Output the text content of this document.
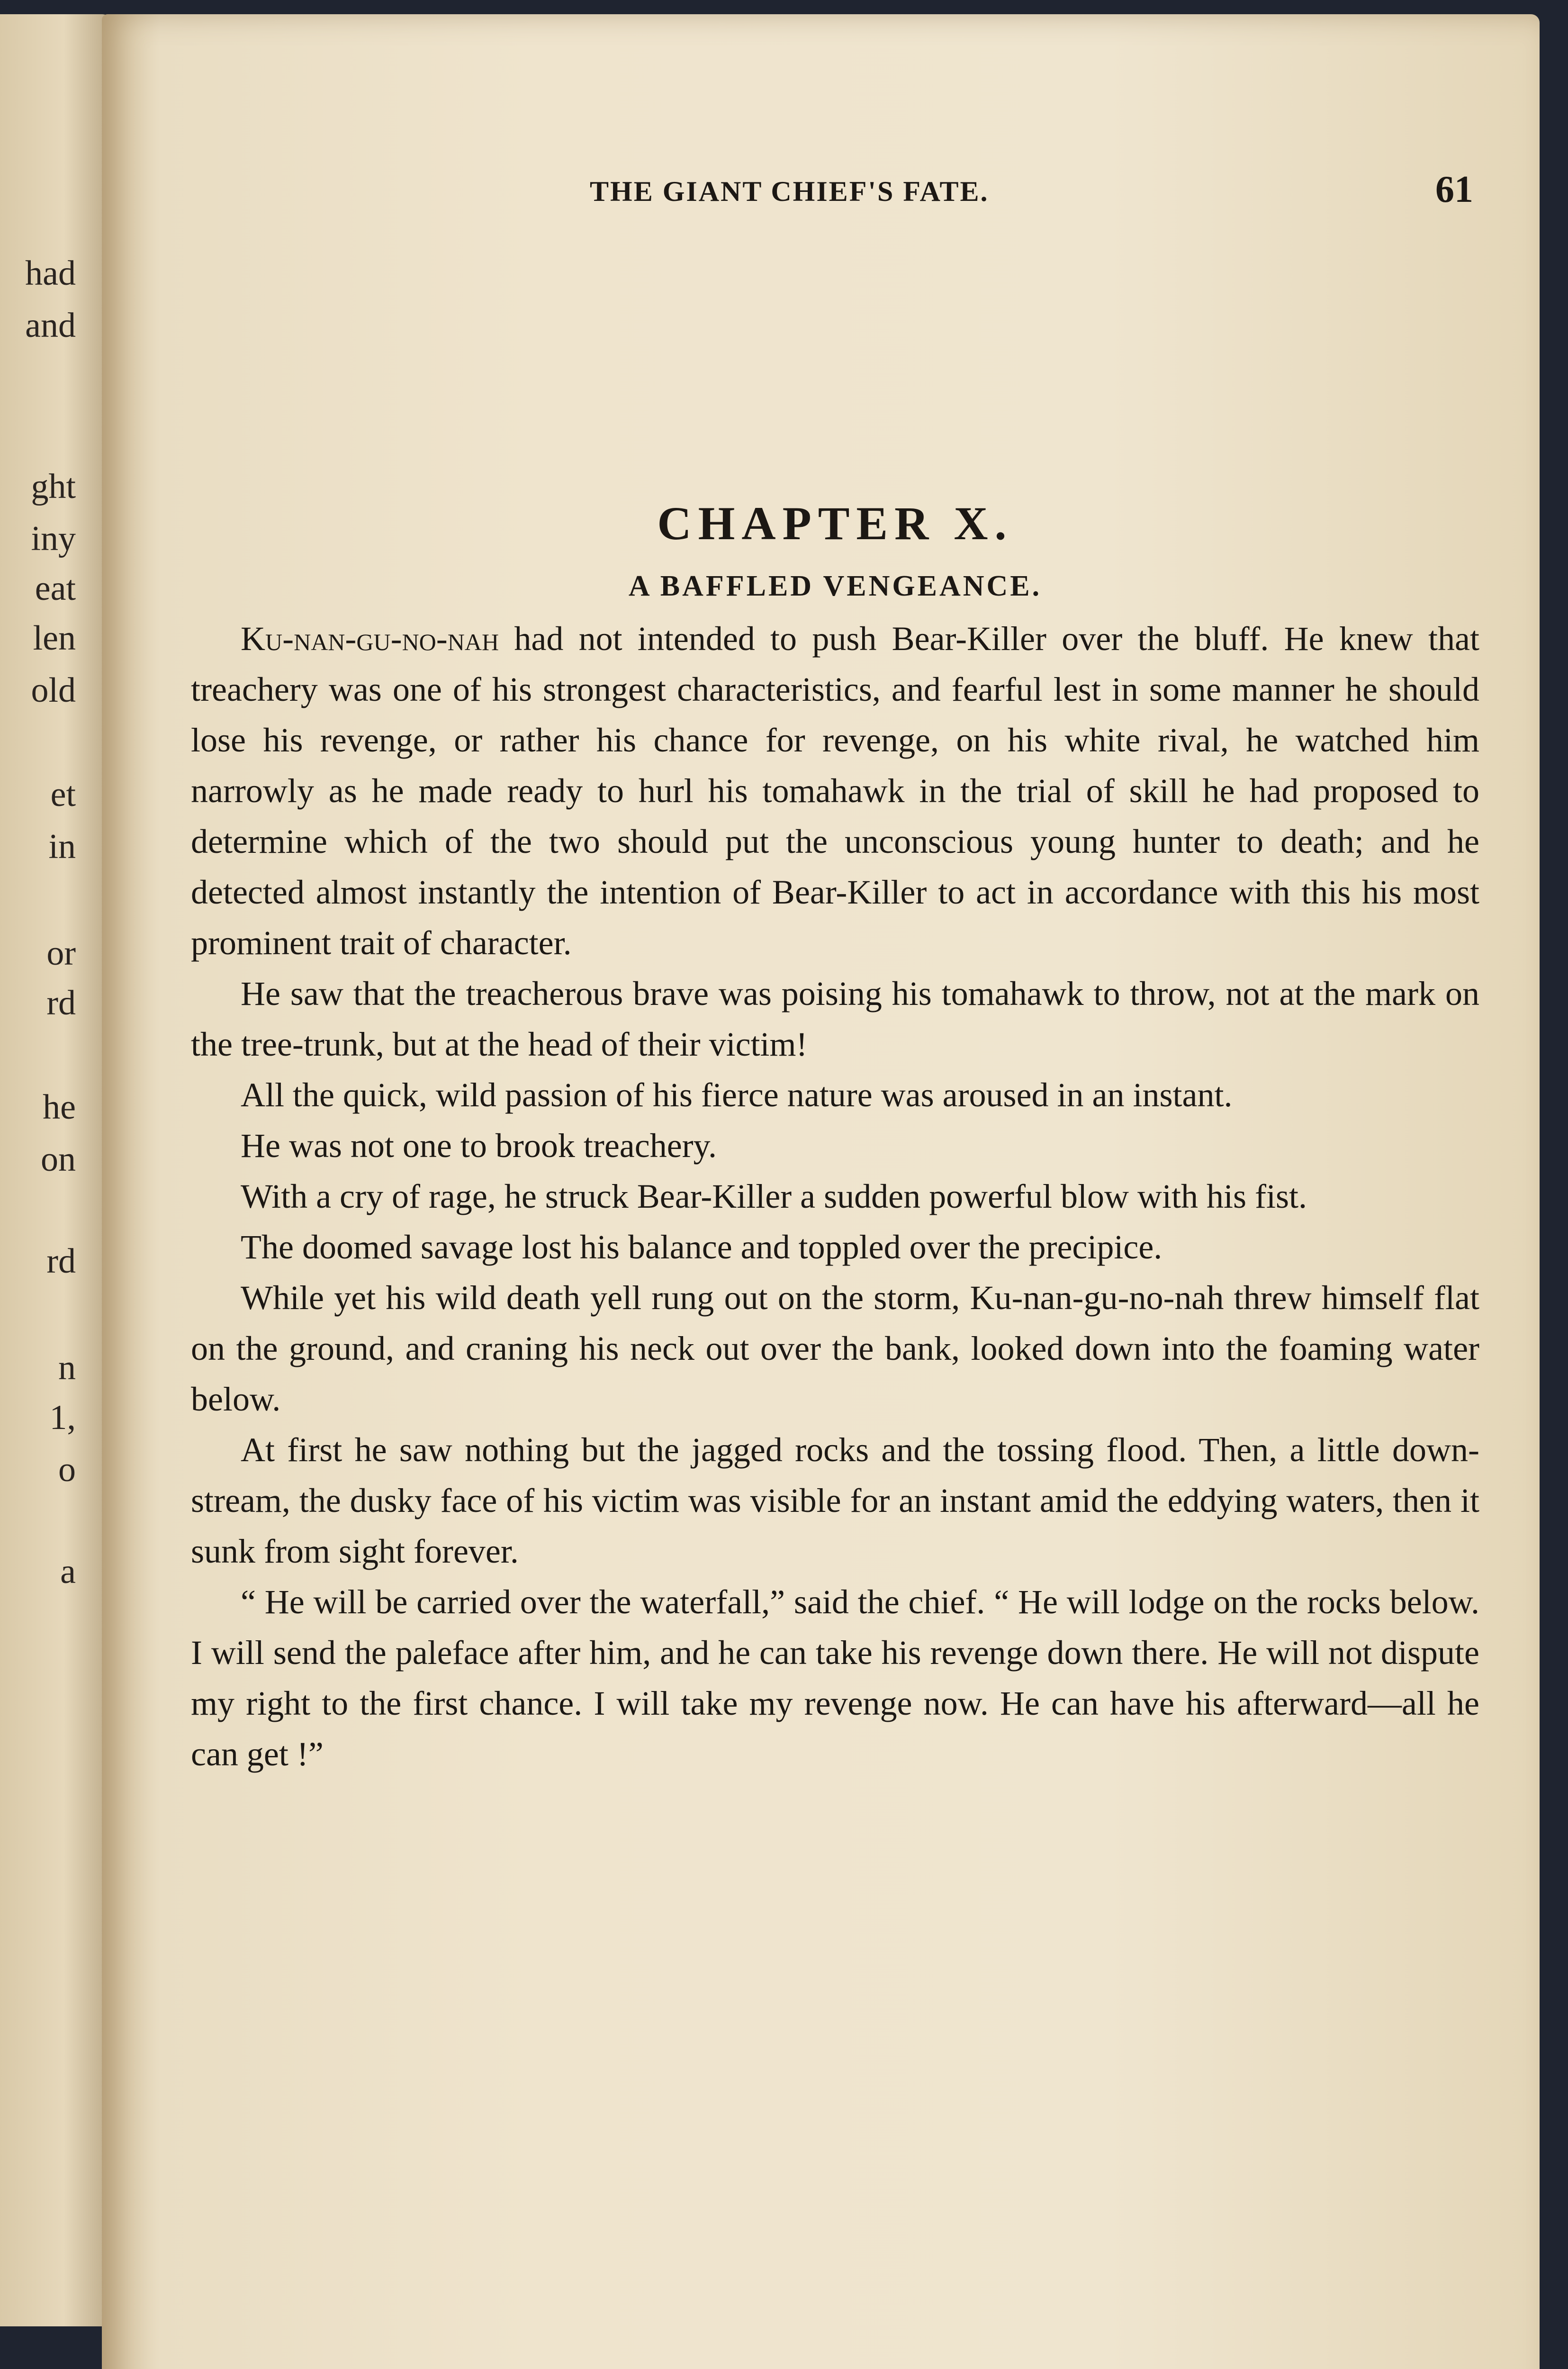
had
and
ght
iny
eat
len
old
et
in
or
rd
he
on
rd
n
1,
o
a
THE GIANT CHIEF'S FATE.	61
CHAPTER X.
A BAFFLED VENGEANCE.

Ku-nan-gu-no-nah had not intended to push Bear-Killer over the bluff. He knew that treachery was one of his strongest characteristics, and fearful lest in some manner he should lose his revenge, or rather his chance for revenge, on his white rival, he watched him narrowly as he made ready to hurl his tomahawk in the trial of skill he had proposed to determine which of the two should put the unconscious young hunter to death; and he detected almost instantly the intention of Bear-Killer to act in accordance with this his most prominent trait of character.

He saw that the treacherous brave was poising his tomahawk to throw, not at the mark on the tree-trunk, but at the head of their victim!

All the quick, wild passion of his fierce nature was aroused in an instant.

He was not one to brook treachery.

With a cry of rage, he struck Bear-Killer a sudden powerful blow with his fist.

The doomed savage lost his balance and toppled over the precipice.

While yet his wild death yell rung out on the storm, Ku-nan-gu-no-nah threw himself flat on the ground, and craning his neck out over the bank, looked down into the foaming water below.

At first he saw nothing but the jagged rocks and the tossing flood. Then, a little down-stream, the dusky face of his victim was visible for an instant amid the eddying waters, then it sunk from sight forever.

“ He will be carried over the waterfall,” said the chief. “ He will lodge on the rocks below. I will send the paleface after him, and he can take his revenge down there. He will not dispute my right to the first chance. I will take my revenge now. He can have his afterward—all he can get !”
